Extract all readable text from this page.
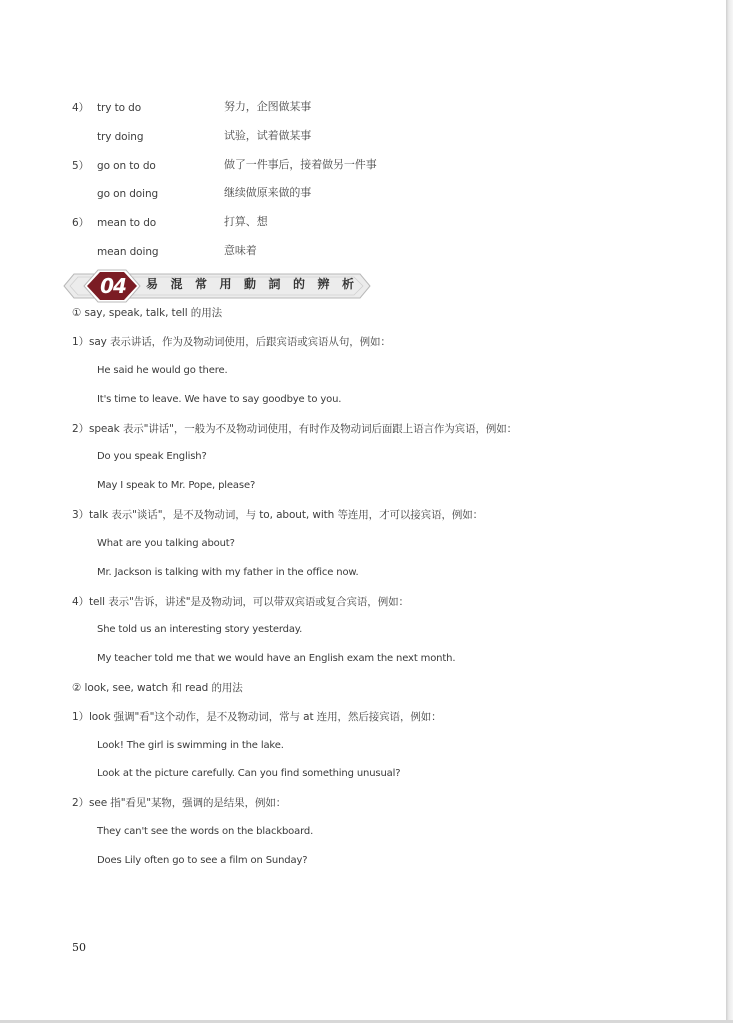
4） try to do	努力，企图做某事
try doing	试验，试着做某事
5） go on to do	做了一件事后，接着做另一件事
go on doing	继续做原来做的事
6） mean to do	打算、想
mean doing	意味着
04	易混常用動詞的辨析
① say, speak, talk, tell 的用法
1）say 表示讲话，作为及物动词使用，后跟宾语或宾语从句，例如：
He said he would go there.
It's time to leave. We have to say goodbye to you.
2）speak 表示"讲话"，一般为不及物动词使用，有时作及物动词后面跟上语言作为宾语，例如：
Do you speak English?
May I speak to Mr. Pope, please?
3）talk 表示"谈话"，是不及物动词，与 to, about, with 等连用，才可以接宾语，例如：
What are you talking about?
Mr. Jackson is talking with my father in the office now.
4）tell 表示"告诉，讲述"是及物动词，可以带双宾语或复合宾语，例如：
She told us an interesting story yesterday.
My teacher told me that we would have an English exam the next month.
② look, see, watch 和 read 的用法
1）look 强调"看"这个动作，是不及物动词，常与 at 连用，然后接宾语，例如：
Look! The girl is swimming in the lake.
Look at the picture carefully. Can you find something unusual?
2）see 指"看见"某物，强调的是结果，例如：
They can't see the words on the blackboard.
Does Lily often go to see a film on Sunday?
50
